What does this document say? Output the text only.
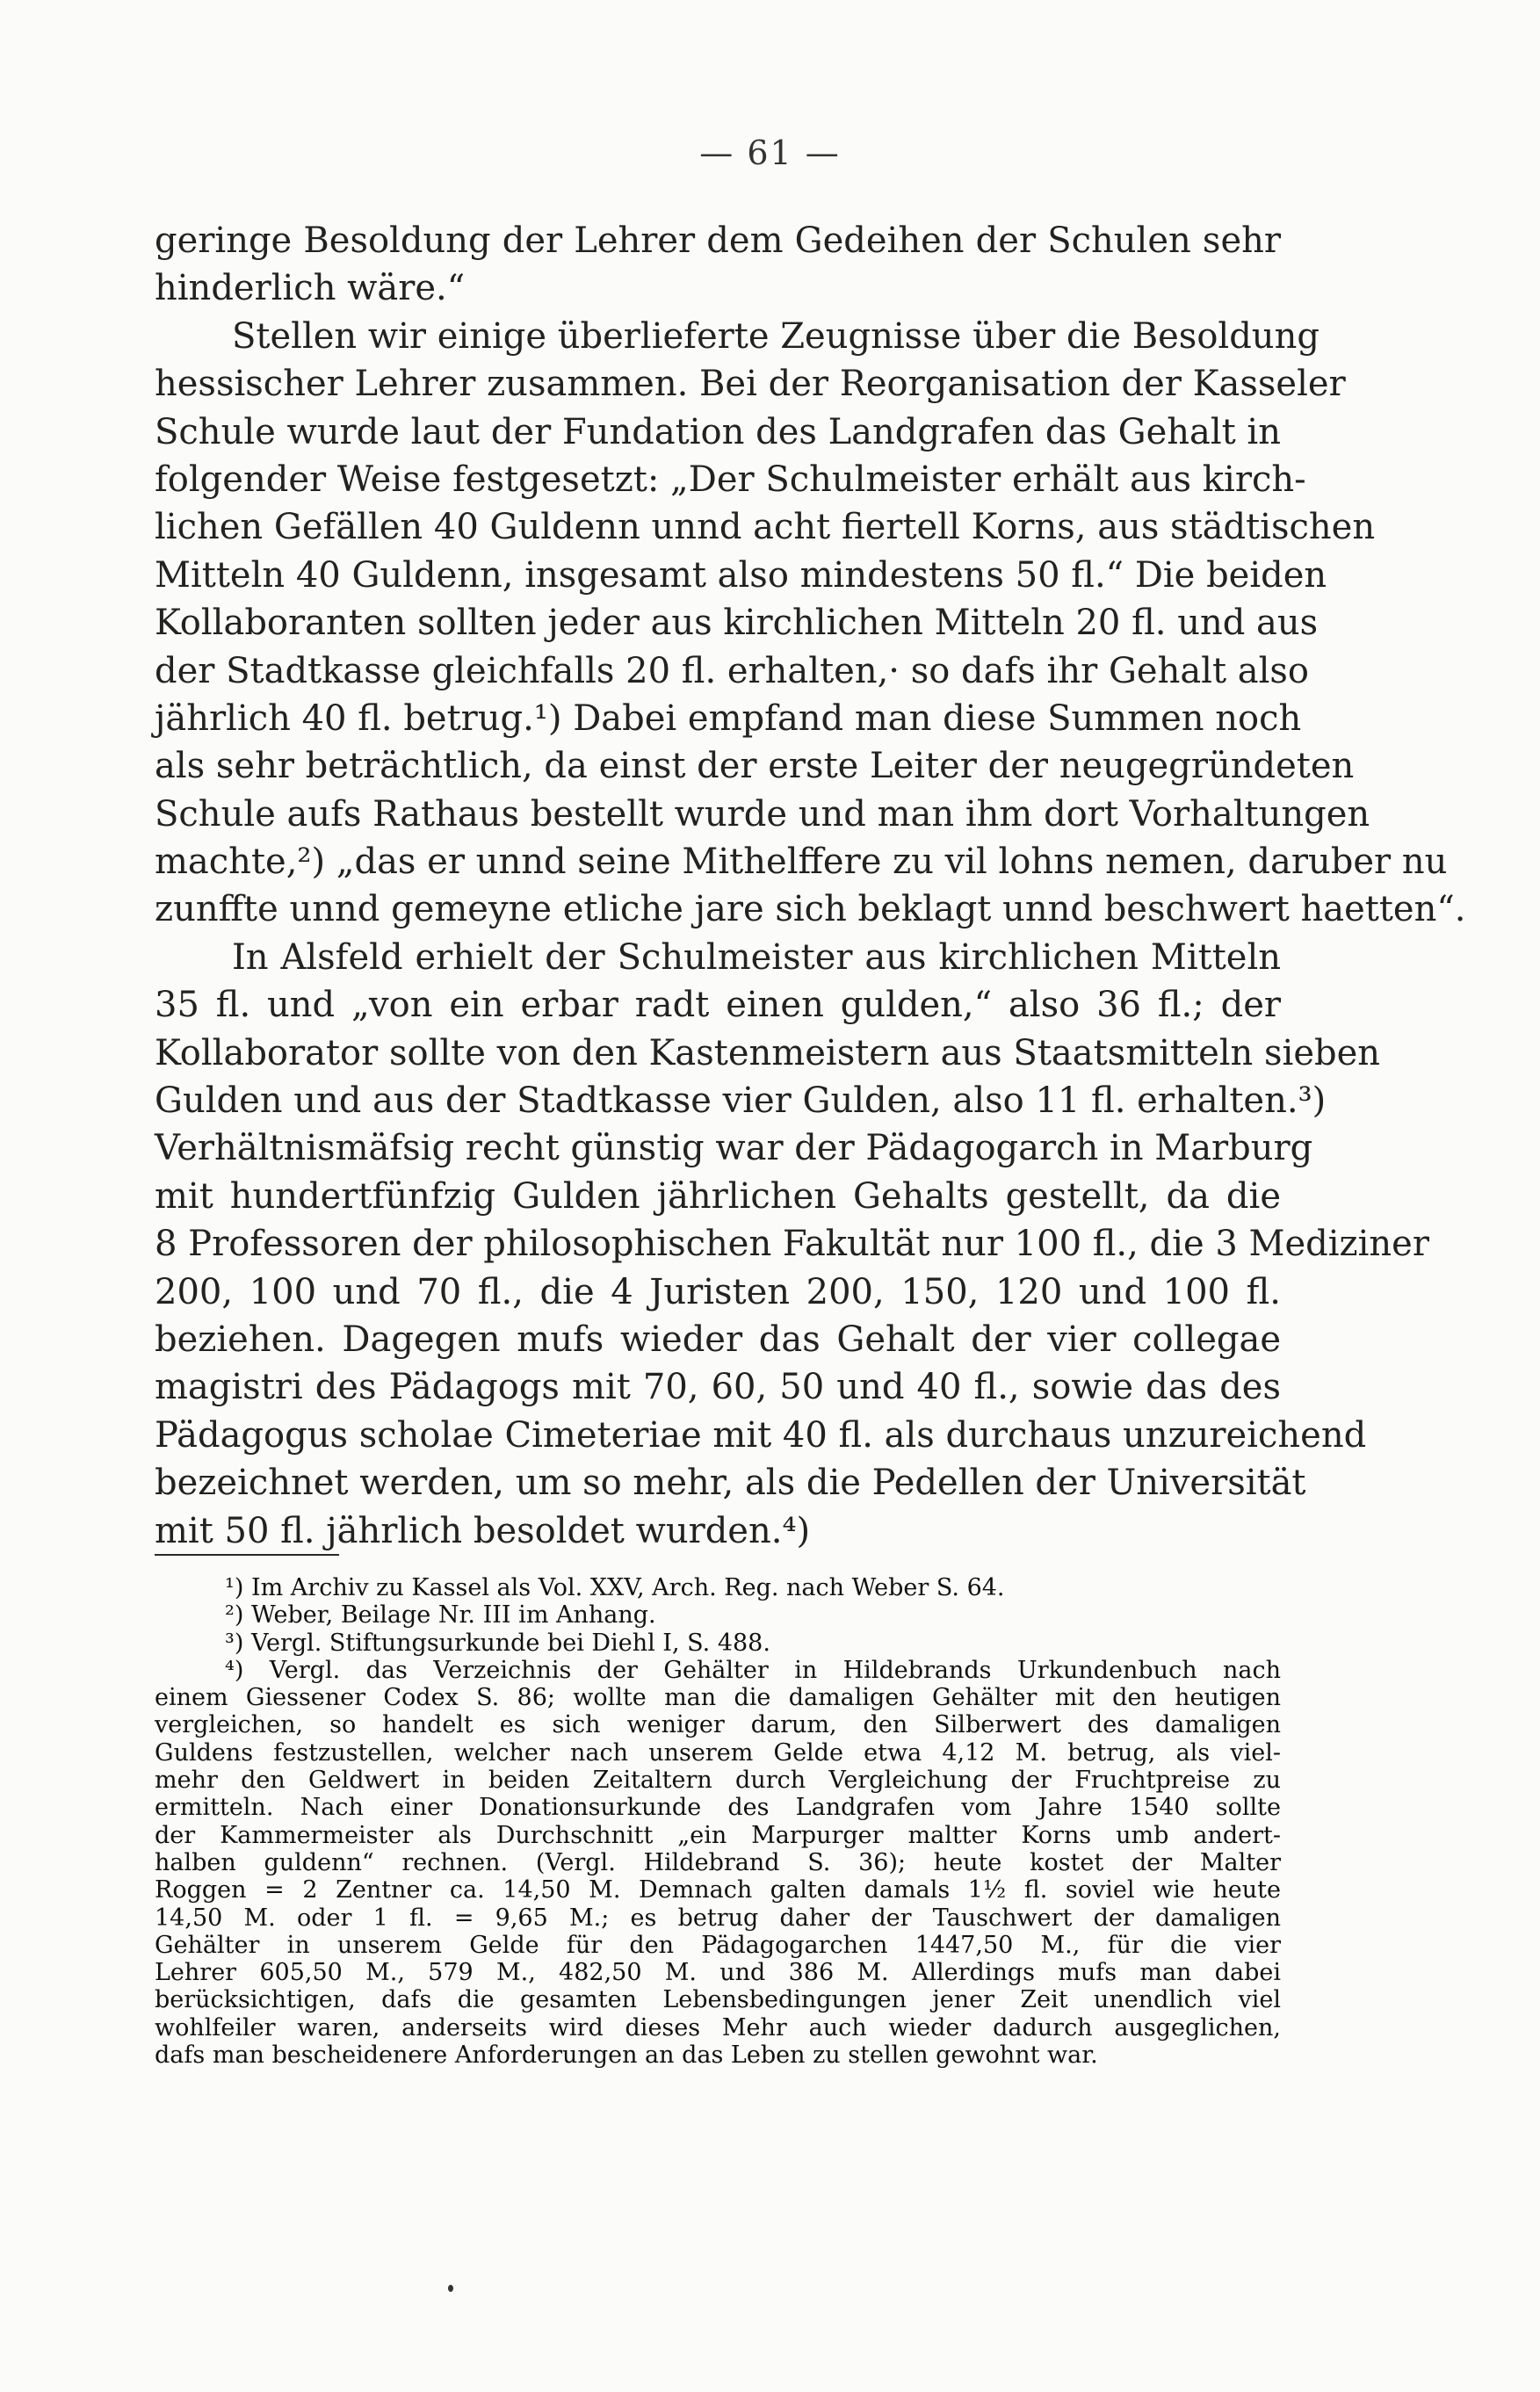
— 61 —
geringe Besoldung der Lehrer dem Gedeihen der Schulen sehr
hinderlich wäre.“
Stellen wir einige überlieferte Zeugnisse über die Besoldung
hessischer Lehrer zusammen. Bei der Reorganisation der Kasseler
Schule wurde laut der Fundation des Landgrafen das Gehalt in
folgender Weise festgesetzt: „Der Schulmeister erhält aus kirch-
lichen Gefällen 40 Guldenn unnd acht fiertell Korns, aus städtischen
Mitteln 40 Guldenn, insgesamt also mindestens 50 fl.“ Die beiden
Kollaboranten sollten jeder aus kirchlichen Mitteln 20 fl. und aus
der Stadtkasse gleichfalls 20 fl. erhalten,· so dafs ihr Gehalt also
jährlich 40 fl. betrug.¹) Dabei empfand man diese Summen noch
als sehr beträchtlich, da einst der erste Leiter der neugegründeten
Schule aufs Rathaus bestellt wurde und man ihm dort Vorhaltungen
machte,²) „das er unnd seine Mithelffere zu vil lohns nemen, daruber nu
zunffte unnd gemeyne etliche jare sich beklagt unnd beschwert haetten“.
In Alsfeld erhielt der Schulmeister aus kirchlichen Mitteln
35 fl. und „von ein erbar radt einen gulden,“ also 36 fl.; der
Kollaborator sollte von den Kastenmeistern aus Staatsmitteln sieben
Gulden und aus der Stadtkasse vier Gulden, also 11 fl. erhalten.³)
Verhältnismäfsig recht günstig war der Pädagogarch in Marburg
mit hundertfünfzig Gulden jährlichen Gehalts gestellt, da die
8 Professoren der philosophischen Fakultät nur 100 fl., die 3 Mediziner
200, 100 und 70 fl., die 4 Juristen 200, 150, 120 und 100 fl.
beziehen. Dagegen mufs wieder das Gehalt der vier collegae
magistri des Pädagogs mit 70, 60, 50 und 40 fl., sowie das des
Pädagogus scholae Cimeteriae mit 40 fl. als durchaus unzureichend
bezeichnet werden, um so mehr, als die Pedellen der Universität
mit 50 fl. jährlich besoldet wurden.⁴)
¹) Im Archiv zu Kassel als Vol. XXV, Arch. Reg. nach Weber S. 64.
²) Weber, Beilage Nr. III im Anhang.
³) Vergl. Stiftungsurkunde bei Diehl I, S. 488.
⁴) Vergl. das Verzeichnis der Gehälter in Hildebrands Urkundenbuch nach
einem Giessener Codex S. 86; wollte man die damaligen Gehälter mit den heutigen
vergleichen, so handelt es sich weniger darum, den Silberwert des damaligen
Guldens festzustellen, welcher nach unserem Gelde etwa 4,12 M. betrug, als viel-
mehr den Geldwert in beiden Zeitaltern durch Vergleichung der Fruchtpreise zu
ermitteln. Nach einer Donationsurkunde des Landgrafen vom Jahre 1540 sollte
der Kammermeister als Durchschnitt „ein Marpurger maltter Korns umb andert-
halben guldenn“ rechnen. (Vergl. Hildebrand S. 36); heute kostet der Malter
Roggen = 2 Zentner ca. 14,50 M. Demnach galten damals 1½ fl. soviel wie heute
14,50 M. oder 1 fl. = 9,65 M.; es betrug daher der Tauschwert der damaligen
Gehälter in unserem Gelde für den Pädagogarchen 1447,50 M., für die vier
Lehrer 605,50 M., 579 M., 482,50 M. und 386 M. Allerdings mufs man dabei
berücksichtigen, dafs die gesamten Lebensbedingungen jener Zeit unendlich viel
wohlfeiler waren, anderseits wird dieses Mehr auch wieder dadurch ausgeglichen,
dafs man bescheidenere Anforderungen an das Leben zu stellen gewohnt war.
